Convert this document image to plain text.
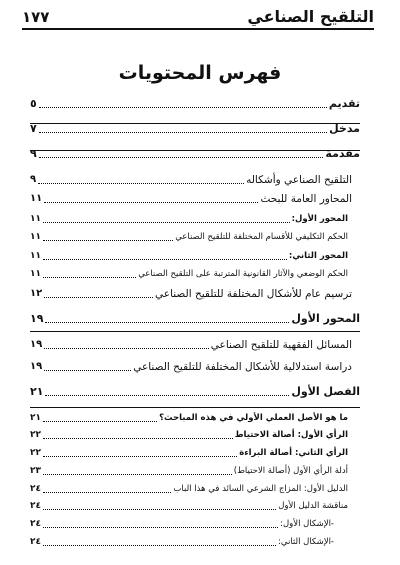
١٧٧	التلقيح الصناعي
فهرس المحتويات
تقديم
٥
مدخل
٧
مقدمة
٩
التلقيح الصناعي وأشكاله
٩
المحاور العامة للبحث
١١
المحور الأول:
١١
الحكم التكليفي للأقسام المختلفة للتلقيح الصناعي
١١
المحور الثاني:
١١
الحكم الوضعي والآثار القانونية المترتبة على التلقيح الصناعي
١١
ترسيم عام للأشكال المختلفة للتلقيح الصناعي
١٢
المحور الأول
١٩
المسائل الفقهية للتلقيح الصناعي
١٩
دراسة استدلالية للأشكال المختلفة للتلقيح الصناعي
١٩
الفصل الأول
٢١
ما هو الأصل العملي الأولي في هذه المباحث؟
٢١
الرأي الأول: أصالة الاحتياط
٢٢
الرأي الثاني: أصالة البراءة
٢٢
أدلة الرأي الأول (أصالة الاحتياط)
٢٣
الدليل الأول: المزاج الشرعي السائد في هذا الباب
٢٤
مناقشة الدليل الأول
٢٤
-الإشكال الأول:
٢٤
-الإشكال الثاني:
٢٤
